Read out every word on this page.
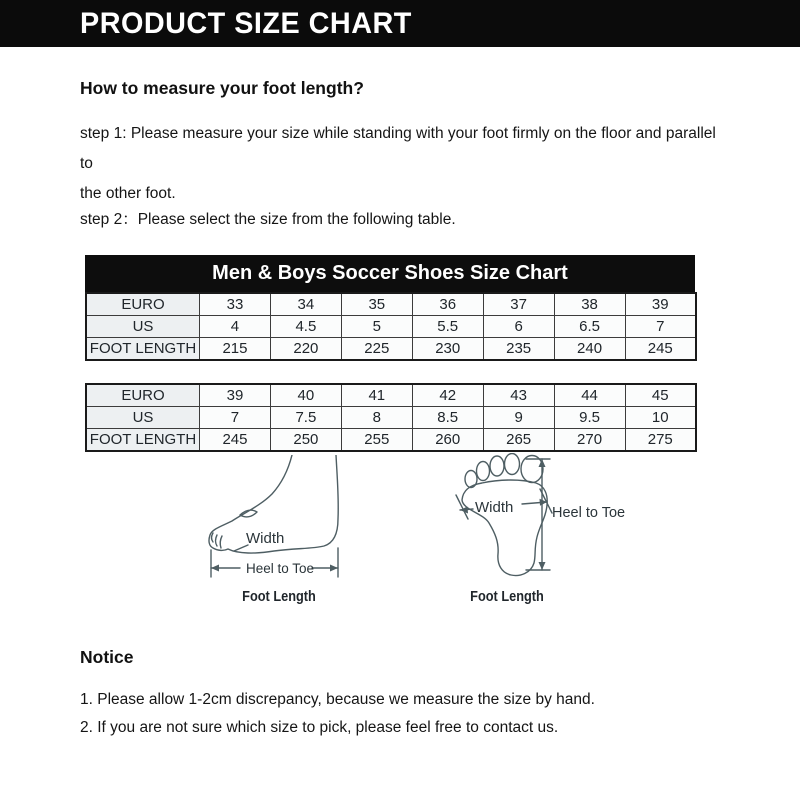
PRODUCT SIZE CHART
How to measure your foot length?

step 1: Please measure your size while standing with your foot firmly on the floor and parallel to
the other foot.

step 2：Please select the size from the following table.

Men & Boys Soccer Shoes Size Chart
EURO	33	34	35	36	37	38	39
US	4	4.5	5	5.5	6	6.5	7
FOOT LENGTH	215	220	225	230	235	240	245
EURO	39	40	41	42	43	44	45
US	7	7.5	8	8.5	9	9.5	10
FOOT LENGTH	245	250	255	260	265	270	275
Width
Heel to Toe
Width	Heel to Toe
Foot Length	Foot Length
Notice

1. Please allow 1-2cm discrepancy, because we measure the size by hand.

2. If you are not sure which size to pick, please feel free to contact us.
